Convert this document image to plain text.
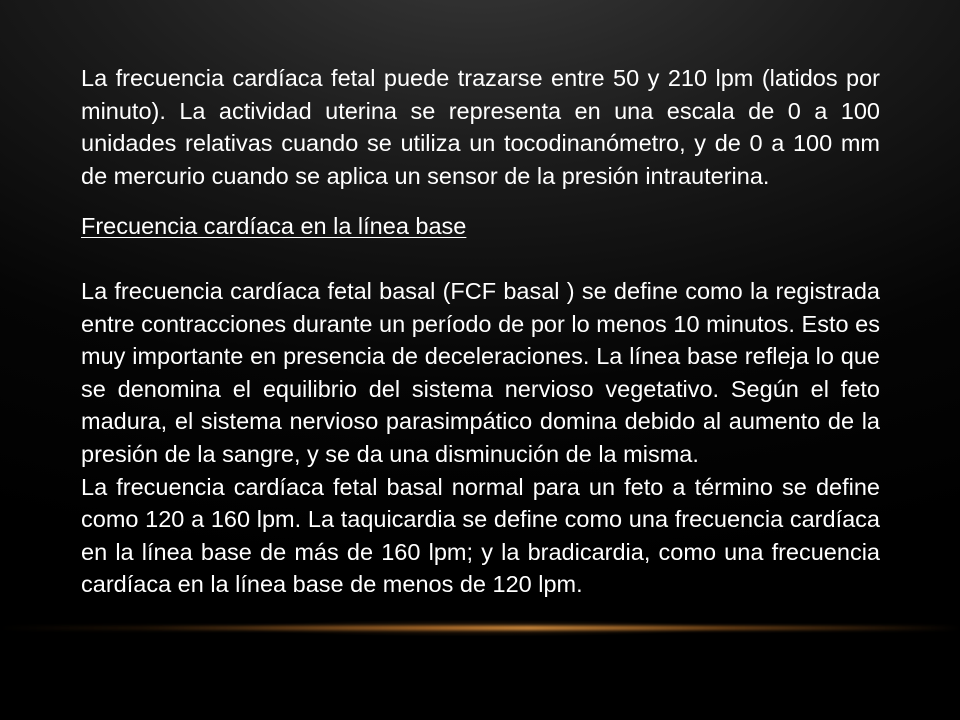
La frecuencia cardíaca fetal puede trazarse entre 50 y 210 lpm (latidos por minuto). La actividad uterina se representa en una escala de 0 a 100 unidades relativas cuando se utiliza un tocodinanómetro, y de 0 a 100 mm de mercurio cuando se aplica un sensor de la presión intrauterina.

Frecuencia cardíaca en la línea base

La frecuencia cardíaca fetal basal (FCF basal ) se define como la registrada entre contracciones durante un período de por lo menos 10 minutos. Esto es muy importante en presencia de deceleraciones. La línea base refleja lo que se denomina el equilibrio del sistema nervioso vegetativo. Según el feto madura, el sistema nervioso parasimpático domina debido al aumento de la presión de la sangre, y se da una disminución de la misma.

La frecuencia cardíaca fetal basal normal para un feto a término se define como 120 a 160 lpm. La taquicardia se define como una frecuencia cardíaca en la línea base de más de 160 lpm; y la bradicardia, como una frecuencia cardíaca en la línea base de menos de 120 lpm.
